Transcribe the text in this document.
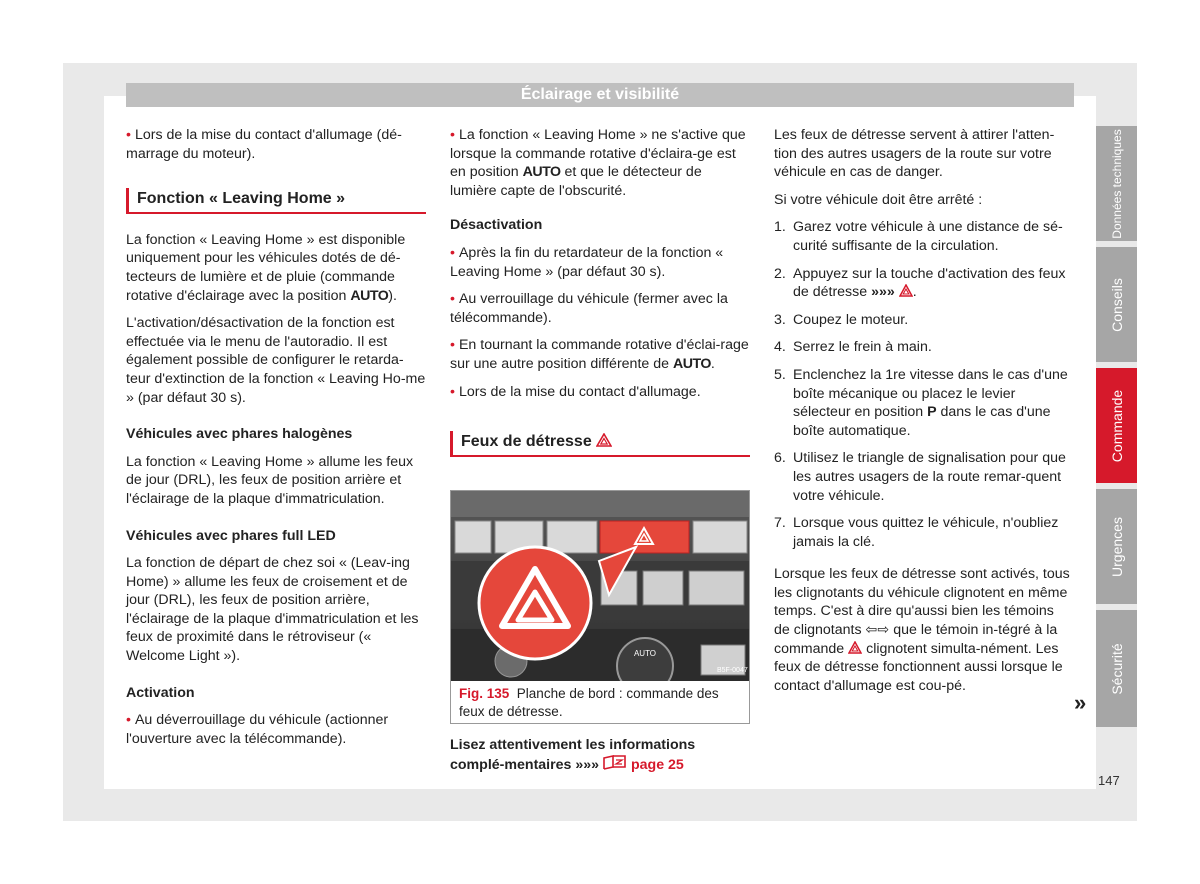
Éclairage et visibilité
Données techniques
Conseils
Commande
Urgences
Sécurité
147

• Lors de la mise du contact d'allumage (dé-marrage du moteur).

Fonction « Leaving Home »

La fonction « Leaving Home » est disponible uniquement pour les véhicules dotés de dé-tecteurs de lumière et de pluie (commande rotative d'éclairage avec la position AUTO).

L'activation/désactivation de la fonction est effectuée via le menu de l'autoradio. Il est également possible de configurer le retarda-teur d'extinction de la fonction « Leaving Ho-me » (par défaut 30 s).

Véhicules avec phares halogènes

La fonction « Leaving Home » allume les feux de jour (DRL), les feux de position arrière et l'éclairage de la plaque d'immatriculation.

Véhicules avec phares full LED

La fonction de départ de chez soi « (Leav-ing Home) » allume les feux de croisement et de jour (DRL), les feux de position arrière, l'éclairage de la plaque d'immatriculation et les feux de proximité dans le rétroviseur (« Welcome Light »).

Activation

• Au déverrouillage du véhicule (actionner l'ouverture avec la télécommande).

• La fonction « Leaving Home » ne s'active que lorsque la commande rotative d'éclaira-ge est en position AUTO et que le détecteur de lumière capte de l'obscurité.

Désactivation

• Après la fin du retardateur de la fonction « Leaving Home » (par défaut 30 s).

• Au verrouillage du véhicule (fermer avec la télécommande).

• En tournant la commande rotative d'éclai-rage sur une autre position différente de AUTO.

• Lors de la mise du contact d'allumage.

Feux de détresse
AUTO
B5F-0047
Fig. 135 Planche de bord : commande des feux de détresse.

Lisez attentivement les informations complé-mentaires »»» page 25

Les feux de détresse servent à attirer l'atten-tion des autres usagers de la route sur votre véhicule en cas de danger.

Si votre véhicule doit être arrêté :

1. Garez votre véhicule à une distance de sé-curité suffisante de la circulation.
2. Appuyez sur la touche d'activation des feux de détresse »»» .
3. Coupez le moteur.
4. Serrez le frein à main.
5. Enclenchez la 1re vitesse dans le cas d'une boîte mécanique ou placez le levier sélecteur en position P dans le cas d'une boîte automatique.
6. Utilisez le triangle de signalisation pour que les autres usagers de la route remar-quent votre véhicule.
7. Lorsque vous quittez le véhicule, n'oubliez jamais la clé.

Lorsque les feux de détresse sont activés, tous les clignotants du véhicule clignotent en même temps. C'est à dire qu'aussi bien les témoins de clignotants ⇦⇨ que le témoin in-tégré à la commande clignotent simulta-nément. Les feux de détresse fonctionnent aussi lorsque le contact d'allumage est cou-pé.

»
